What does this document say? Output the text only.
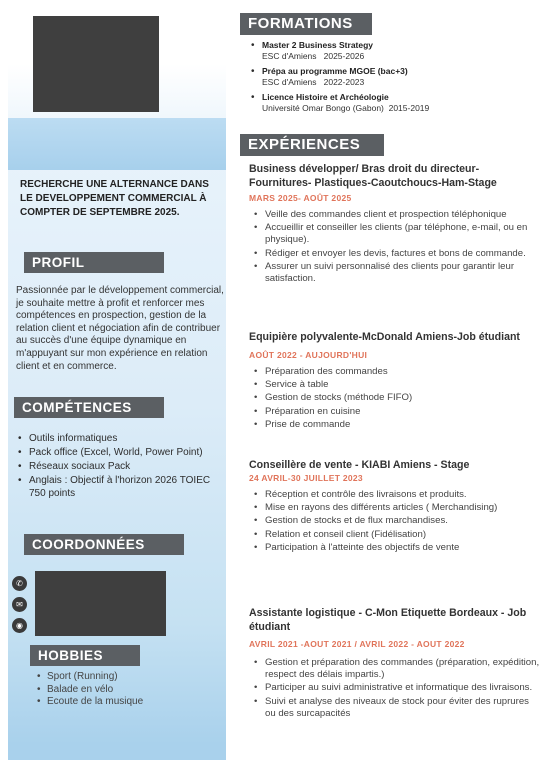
RECHERCHE UNE ALTERNANCE DANS LE DEVELOPPEMENT COMMERCIAL À COMPTER DE SEPTEMBRE 2025.
PROFIL
Passionnée par le développement commercial, je souhaite mettre à profit et renforcer mes compétences en prospection, gestion de la relation client et négociation afin de contribuer au succès d'une équipe dynamique en m'appuyant sur mon expérience en relation client et en commerce.
COMPÉTENCES
• Outils informatiques
• Pack office (Excel, World, Power Point)
• Réseaux sociaux Pack
• Anglais : Objectif à l'horizon 2026 TOIEC 750 points
COORDONNÉES
✆
✉
◉
HOBBIES
• Sport (Running)
• Balade en vélo
• Ecoute de la musique
FORMATIONS
• Master 2 Business Strategy
ESC d'Amiens   2025-2026
• Prépa au programme MGOE (bac+3)
ESC d'Amiens   2022-2023
• Licence Histoire et Archéologie
Université Omar Bongo (Gabon)  2015-2019
EXPÉRIENCES
Business développer/ Bras droit du directeur- Fournitures- Plastiques-Caoutchoucs-Ham-Stage
MARS 2025- AOÛT 2025
• Veille des commandes client et prospection téléphonique
• Accueillir et conseiller les clients (par téléphone, e-mail, ou en physique).
• Rédiger et envoyer les devis, factures et bons de commande.
• Assurer un suivi personnalisé des clients pour garantir leur satisfaction.
Equipière polyvalente-McDonald Amiens-Job étudiant
AOÛT 2022 - AUJOURD'HUI
• Préparation des commandes
• Service à table
• Gestion de stocks (méthode FIFO)
• Préparation en cuisine
• Prise de commande
Conseillère de vente - KIABI Amiens - Stage
24 AVRIL-30 JUILLET 2023
• Réception et contrôle des livraisons et produits.
• Mise en rayons des différents articles ( Merchandising)
• Gestion de stocks et de flux marchandises.
• Relation et conseil client (Fidélisation)
• Participation à l'atteinte des objectifs de vente
Assistante logistique - C-Mon Etiquette Bordeaux - Job étudiant
AVRIL 2021 -AOUT 2021 / AVRIL 2022 - AOUT 2022
• Gestion et préparation des commandes (préparation, expédition, respect des délais impartis.)
• Participer au suivi administrative et informatique des livraisons.
• Suivi et analyse des niveaux de stock pour éviter des ruprures ou des surcapacités
